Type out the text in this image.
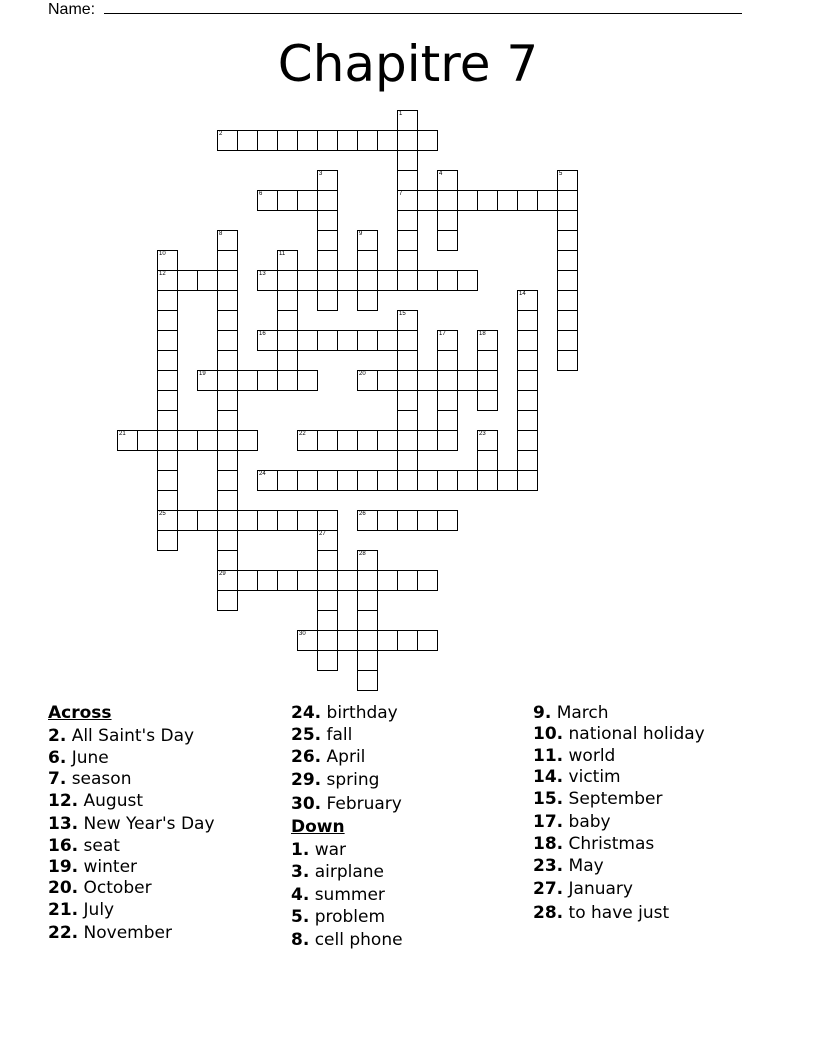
Name:
Chapitre 7
1
7
2
3	4	5
6
8
29
9
10
12
25
11
13
14
15
16	17	18
19	20
21	22	23
24
26
27
28
30
Across
2. All Saint's Day
6. June
7. season
12. August
13. New Year's Day
16. seat
19. winter
20. October
21. July
22. November
24. birthday
25. fall
26. April
29. spring
30. February
Down
1. war
3. airplane
4. summer
5. problem
8. cell phone
9. March
10. national holiday
11. world
14. victim
15. September
17. baby
18. Christmas
23. May
27. January
28. to have just
